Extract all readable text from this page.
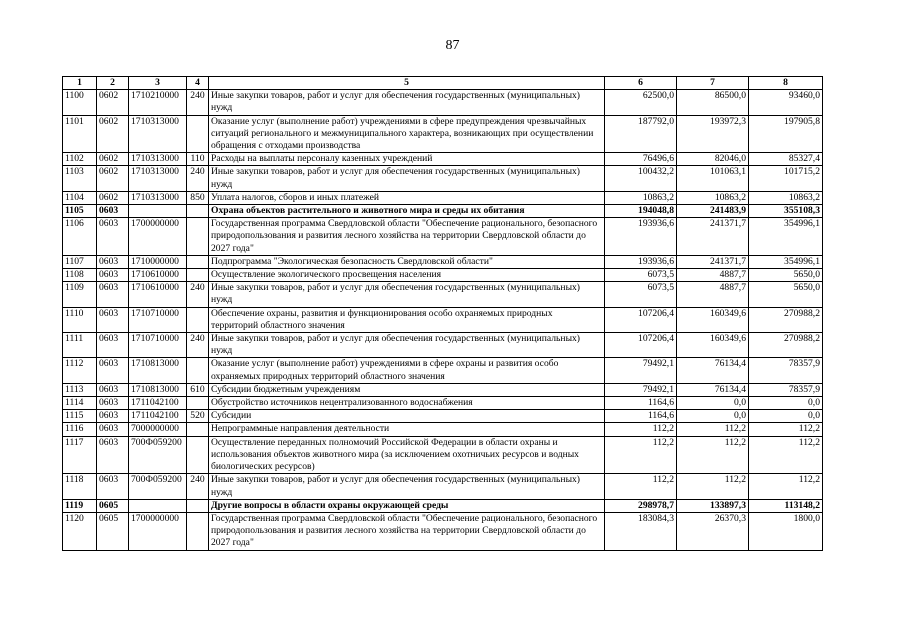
87
1	2	3	4	5	6	7	8
1100	0602	1710210000	240	Иные закупки товаров, работ и услуг для обеспечения государственных (муниципальных) нужд	62500,0	86500,0	93460,0
1101	0602	1710313000		Оказание услуг (выполнение работ) учреждениями в сфере предупреждения чрезвычайных ситуаций регионального и межмуниципального характера, возникающих при осуществлении обращения с отходами производства	187792,0	193972,3	197905,8
1102	0602	1710313000	110	Расходы на выплаты персоналу казенных учреждений	76496,6	82046,0	85327,4
1103	0602	1710313000	240	Иные закупки товаров, работ и услуг для обеспечения государственных (муниципальных) нужд	100432,2	101063,1	101715,2
1104	0602	1710313000	850	Уплата налогов, сборов и иных платежей	10863,2	10863,2	10863,2
1105	0603			Охрана объектов растительного и животного мира и среды их обитания	194048,8	241483,9	355108,3
1106	0603	1700000000		Государственная программа Свердловской области "Обеспечение рационального, безопасного природопользования и развития лесного хозяйства на территории Свердловской области до 2027 года"	193936,6	241371,7	354996,1
1107	0603	1710000000		Подпрограмма "Экологическая безопасность Свердловской области"	193936,6	241371,7	354996,1
1108	0603	1710610000		Осуществление экологического просвещения населения	6073,5	4887,7	5650,0
1109	0603	1710610000	240	Иные закупки товаров, работ и услуг для обеспечения государственных (муниципальных) нужд	6073,5	4887,7	5650,0
1110	0603	1710710000		Обеспечение охраны, развития и функционирования особо охраняемых природных территорий областного значения	107206,4	160349,6	270988,2
1111	0603	1710710000	240	Иные закупки товаров, работ и услуг для обеспечения государственных (муниципальных) нужд	107206,4	160349,6	270988,2
1112	0603	1710813000		Оказание услуг (выполнение работ) учреждениями в сфере охраны и развития особо охраняемых природных территорий областного значения	79492,1	76134,4	78357,9
1113	0603	1710813000	610	Субсидии бюджетным учреждениям	79492,1	76134,4	78357,9
1114	0603	1711042100		Обустройство источников нецентрализованного водоснабжения	1164,6	0,0	0,0
1115	0603	1711042100	520	Субсидии	1164,6	0,0	0,0
1116	0603	7000000000		Непрограммные направления деятельности	112,2	112,2	112,2
1117	0603	700Ф059200		Осуществление переданных полномочий Российской Федерации в области охраны и использования объектов животного мира (за исключением охотничьих ресурсов и водных биологических ресурсов)	112,2	112,2	112,2
1118	0603	700Ф059200	240	Иные закупки товаров, работ и услуг для обеспечения государственных (муниципальных) нужд	112,2	112,2	112,2
1119	0605			Другие вопросы в области охраны окружающей среды	298978,7	133897,3	113148,2
1120	0605	1700000000		Государственная программа Свердловской области "Обеспечение рационального, безопасного природопользования и развития лесного хозяйства на территории Свердловской области до 2027 года"	183084,3	26370,3	1800,0
